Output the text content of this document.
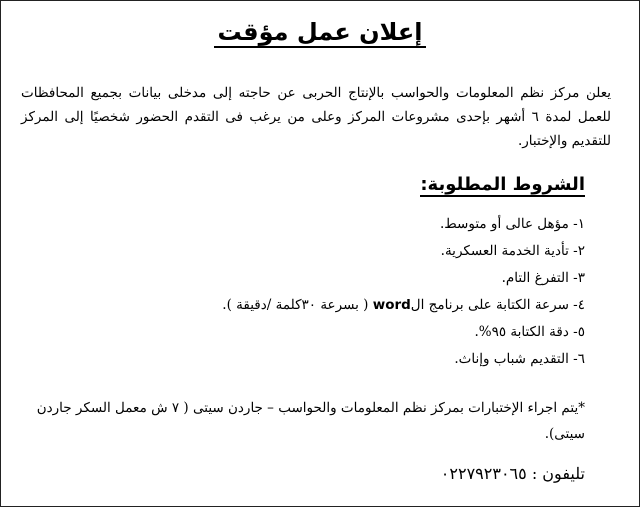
إعلان عمل مؤقت
يعلن مركز نظم المعلومات والحواسب بالإنتاج الحربى عن حاجته إلى مدخلى بيانات بجميع المحافظات للعمل لمدة ٦ أشهر بإحدى مشروعات المركز وعلى من يرغب فى التقدم الحضور شخصيًا إلى المركز للتقديم والإختبار.
الشروط المطلوبة:
١- مؤهل عالى أو متوسط.
٢- تأدية الخدمة العسكرية.
٣- التفرغ التام.
٤- سرعة الكتابة على برنامج الword ( بسرعة ٣٠كلمة /دقيقة ).
٥- دقة الكتابة ٩٥%.
٦- التقديم شباب وإناث.
*يتم اجراء الإختبارات بمركز نظم المعلومات والحواسب – جاردن سيتى ( ٧ ش معمل السكر جاردن سيتى).
تليفون : ٠٢٢٧٩٢٣٠٦٥
